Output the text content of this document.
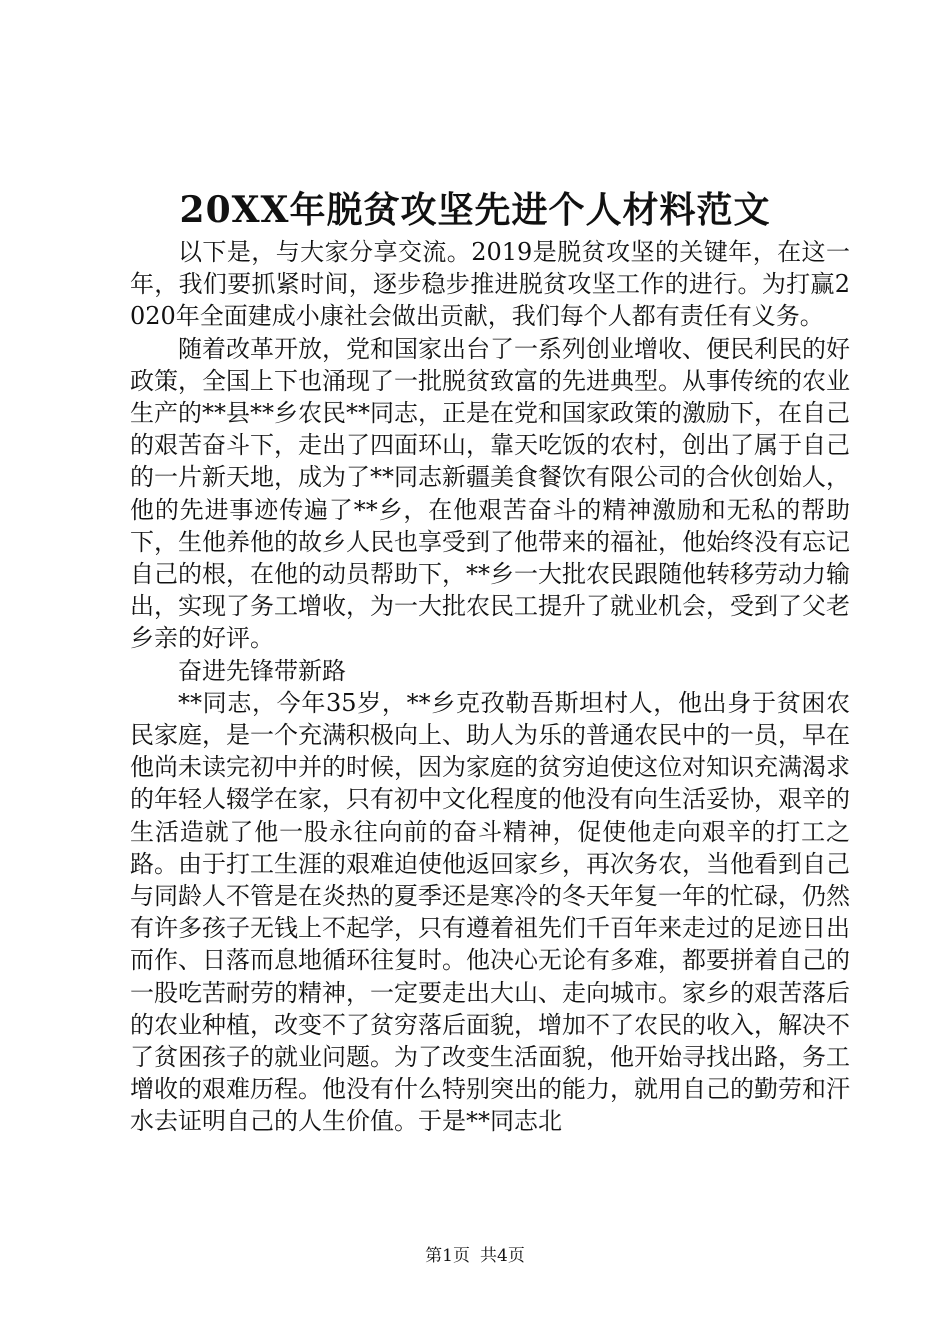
20XX年脱贫攻坚先进个人材料范文

以下是，与大家分享交流。2019是脱贫攻坚的关键年，在这一年，我们要抓紧时间，逐步稳步推进脱贫攻坚工作的进行。为打赢2020年全面建成小康社会做出贡献，我们每个人都有责任有义务。

随着改革开放，党和国家出台了一系列创业增收、便民利民的好政策，全国上下也涌现了一批脱贫致富的先进典型。从事传统的农业生产的**县**乡农民**同志，正是在党和国家政策的激励下，在自己的艰苦奋斗下，走出了四面环山，靠天吃饭的农村，创出了属于自己的一片新天地，成为了**同志新疆美食餐饮有限公司的合伙创始人，他的先进事迹传遍了**乡，在他艰苦奋斗的精神激励和无私的帮助下，生他养他的故乡人民也享受到了他带来的福祉，他始终没有忘记自己的根，在他的动员帮助下，**乡一大批农民跟随他转移劳动力输出，实现了务工增收，为一大批农民工提升了就业机会，受到了父老乡亲的好评。

奋进先锋带新路

**同志，今年35岁，**乡克孜勒吾斯坦村人，他出身于贫困农民家庭，是一个充满积极向上、助人为乐的普通农民中的一员，早在他尚未读完初中并的时候，因为家庭的贫穷迫使这位对知识充满渴求的年轻人辍学在家，只有初中文化程度的他没有向生活妥协，艰辛的生活造就了他一股永往向前的奋斗精神，促使他走向艰辛的打工之路。由于打工生涯的艰难迫使他返回家乡，再次务农，当他看到自己与同龄人不管是在炎热的夏季还是寒冷的冬天年复一年的忙碌，仍然有许多孩子无钱上不起学，只有遵着祖先们千百年来走过的足迹日出而作、日落而息地循环往复时。他决心无论有多难，都要拼着自己的一股吃苦耐劳的精神，一定要走出大山、走向城市。家乡的艰苦落后的农业种植，改变不了贫穷落后面貌，增加不了农民的收入，解决不了贫困孩子的就业问题。为了改变生活面貌，他开始寻找出路，务工增收的艰难历程。他没有什么特别突出的能力，就用自己的勤劳和汗水去证明自己的人生价值。于是**同志北

第1页 共4页
